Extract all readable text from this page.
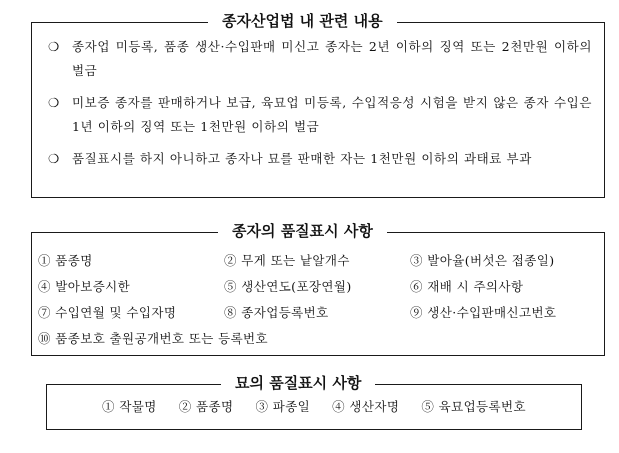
종자산업법 내 관련 내용
❍ 종자업 미등록, 품종 생산·수입판매 미신고 종자는 2년 이하의 징역 또는 2천만원 이하의 벌금
❍ 미보증 종자를 판매하거나 보급, 육묘업 미등록, 수입적응성 시험을 받지 않은 종자 수입은 1년 이하의 징역 또는 1천만원 이하의 벌금
❍ 품질표시를 하지 아니하고 종자나 묘를 판매한 자는 1천만원 이하의 과태료 부과
종자의 품질표시 사항
① 품종명	② 무게 또는 낱알개수	③ 발아율(버섯은 접종일)
④ 발아보증시한	⑤ 생산연도(포장연월)	⑥ 재배 시 주의사항
⑦ 수입연월 및 수입자명	⑧ 종자업등록번호	⑨ 생산·수입판매신고번호
⑩ 품종보호 출원공개번호 또는 등록번호
묘의 품질표시 사항
① 작물명 ② 품종명 ③ 파종일 ④ 생산자명 ⑤ 육묘업등록번호
